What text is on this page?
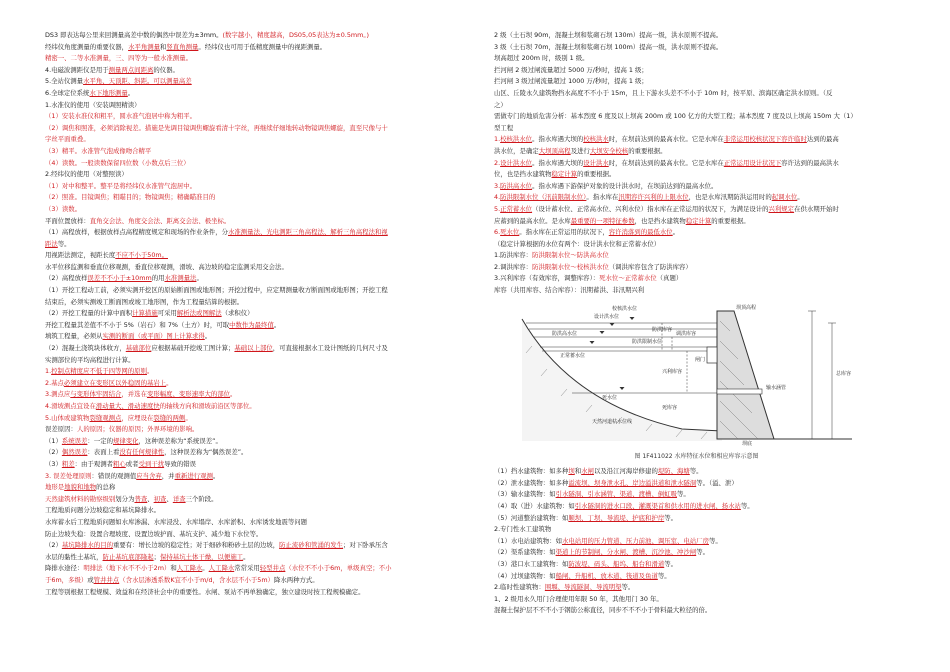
DS3 即表达每公里来回测量高差中数的偶然中误差为±3mm。(数字越小，精度越高，DS05,05表达为±0.5mm。)
经纬仪角度测量的重要仪器，水平角测量和竖直角测量。经纬仪也可用于低精度测量中的视距测量。
精密一、二等水准测量，三、四等为一般水准测量。
4.电磁波测距仪是用于测量两点间距离的仪器。
5.全站仪测量水平角、天顶距、斜距。可以测量高差
6.全球定位系统水下地形测量。
1.水准仪的使用（安装调照精读）
（1）安装水准仪和粗平，圆水准气泡居中称为粗平。
（2）调焦和照准，必须消除视差。措施是先调目镜调焦螺旋看清十字丝，再继续仔细地转动物镜调焦螺旋，直至尺像与十
字丝平面重叠。
（3）精平。水准管气泡成像吻合精平
（4）读数。一般读数保留四位数（小数点后三位）
2.经纬仪的使用（对整照读）
（1）对中和整平。整平是将经纬仪水准管气泡居中。
（2）照准。目镜调焦；粗瞄目的；物镜调焦；精确瞄准目的
（3）读数。
平面位置放样：直角交会法、角度交会法、距离交会法、极坐标。
（1）高程放样，根据放样点高程精度规定和现场的作业条件，分水准测量法、光电测距三角高程法、解析三角高程法和视
距法等。
用视距法测定，视距长度不应不小于50m。
水平位移监测和垂直位移观测，垂直位移观测，滑坡、高边坡的稳定监测采用交会法。
（2）高程放样误差不不小于±10mm的用水准测量法。
（1）开挖工程动工前，必须实测开挖区的原始断面图或地形图；开挖过程中，应定期测量收方断面图或地形图；开挖工程
结束后，必须实测竣工断面图或竣工地形图，作为工程量结算的根据。
（2）开挖工程量的计算中面积计算措施可采用解析法或图解法（求积仪）
开挖工程量其差值不不小于 5%（岩石）和 7%（土方）时，可取中数作为最终值。
填筑工程量，必须从实测的断面（或平面）图上计算求得。
（2）混凝土浇筑块体收方，基础部位应根据基础开挖竣工图计算；基础以上部位，可直接根据水工设计图纸的几何尺寸及
实测部位的平均高程进行计算。
1.控制点精度应不低于四等网的原则。
2.基点必须建立在变形区以外稳固的基岩上。
3.测点应与变形体牢固结合，并选在变形幅度、变形速率大的部位。
4.滑坡测点宜设在滑动量大、滑动速度快的轴线方向和滑坡前沿区等部位。
5.山体或建筑物裂缝观测点，应埋设在裂缝的两侧。
误差原因：人的原因；仪器的原因；外界环境的影响。
（1）系统误差：一定的规律变化，这种误差称为“系统误差”。
（2）偶然误差：表面上看没有任何规律性，这种误差称为“偶然误差”。
（3）粗差：由于观测者粗心或者受到干扰导致的错误
3. 误差处理原则：错误的观测值应当舍弃，并重新进行观测。
地形是地貌和地物的总称
天然建筑材料的勘察级别划分为普查、初查、详查三个阶段。
工程地质问题分边坡稳定和基坑降排水。
水库蓄水后工程地质问题如水库渗漏、水库浸没、水库塌岸、水库淤积、水库诱发地震等问题
防止边坡失稳：设置合理坡度、设置边坡护面、基坑支护、减少地下水位等。
（2）基坑降排水的目的重要有：增长边坡的稳定性；对于细砂和粉砂土层的边坡，防止流砂和管涌的发生；对下卧承压含
水层的黏性土基坑，防止基坑底部隆起；保持基坑土体干燥，以便施工。
降排水途径：明排法（地下水不不小于2m）和人工降水。人工降水常常采用轻型井点（水位不不小于6m，单级真空；不小
于6m，多级）或管井井点（含水层渗透系数K宜不小于m/d，含水层不小于5m）降水两种方式。
工程等别根据工程规模、效益和在经济社会中的重要性。水闸、泵站不再单独确定，独立建设时按工程规模确定。
2 级（土石坝 90m，混凝土坝和浆砌石坝 130m）提高一级，洪水原则不提高。
3 级（土石坝 70m，混凝土坝和浆砌石坝 100m）提高一级，洪水原则不提高。
坝高超过 200m 时，级别 1 级。
拦河闸 2 级过闸流量超过 5000 万/秒时，提高 1 级；
拦河闸 3 级过闸流量超过 1000 万/秒时，提高 1 级；
山区、丘陵永久建筑物挡水高度不不小于 15m，且上下游水头差不不小于 10m 时，按平原、滨海区确定洪水原则。（反
之）
需做专门的地质危害分析：基本烈度 6 度及以上坝高 200m 或 100 亿方的大型工程；基本烈度 7 度及以上坝高 150m 大（1）
型工程
1.校核洪水位。指水库遇大坝的校核洪水时，在坝前达到的最高水位。它是水库在非常运用校核状况下容许临时达到的最高
洪水位，是确定大坝顶高程及进行大坝安全校核的重要根据。
2.设计洪水位。指水库遇大坝的设计洪水时，在坝前达到的最高水位。它是水库在正常运用设计状况下容许达到的最高洪水
位，也是挡水建筑物稳定计算的重要根据。
3.防洪高水位。指水库遇下游保护对象的设计洪水时，在坝前达到的最高水位。
4.防洪限制水位（汛前限制水位）。指水库在汛期容许兴利的上限水位，也是水库汛期防洪运用时的起调水位。
5.正常蓄水位（设计蓄水位、正常高水位、兴利水位）指水库在正常运用的状况下，为满足设计的兴利规定在供水期开始时
应蓄到的最高水位。是水库最重要的一项特征参数，也是挡水建筑物稳定计算的重要根据。
6.死水位。指水库在正常运用的状况下，容许消落到的最低水位。
（稳定计算根据的水位有两个：设计洪水位和正常蓄水位）
1.防洪库容：防洪限制水位～防洪高水位
2.调洪库容：防洪限制水位～校核洪水位（调洪库容包含了防洪库容）
3.兴利库容（有效库容，调整库容）：死水位～正常蓄水位（真题）
库容（共用库容、结合库容）：汛期蓄洪、非汛期兴利
校核洪水位
设计洪水位
防洪高水位
防洪限制水位
正常蓄水位
死水位
兴利库容
防洪库容
调洪库容
死库容
闸门
坝顶高程
天然河道枯水位线
坝底
输水涵管
总库容
图 1F411022 水库特征水位和相应库容示意图
（1）挡水建筑物：如多种坝和水闸以及沿江河海岸修建的堤防、海塘等。
（2）泄水建筑物：如多种溢流坝、坝身泄水孔、岸边溢洪道和泄水隧洞等。（溢、泄）
（3）输水建筑物：如引水隧洞、引水涵管、渠道、渡槽、倒虹吸等。
（4）取（进）水建筑物：如引水隧洞的进水口段、灌溉渠首和供水用的进水闸、扬水站等。
（5）河道整治建筑物：如顺坝、丁坝、导流堤、护底和护岸等。
2.专门性水工建筑物
（1）水电站建筑物：如水电站用的压力管道、压力前池、调压室、电站厂房等。
（2）渠系建筑物：如渠道上的节制闸、分水闸、渡槽、沉沙池、冲沙闸等。
（3）港口水工建筑物：如防波堤、码头、船坞、船台和滑道等。
（4）过坝建筑物：如船闸、升船机、放木道、筏道及鱼道等。
2.临时性建筑物：围堰、导流隧洞、导流明渠等。
1、2 级用永久用门合理使用年限 50 年，其他用门 30 年。
混凝土保护层不不不小于钢筋公称直径，同步不不不小于骨料最大粒径的倍。
